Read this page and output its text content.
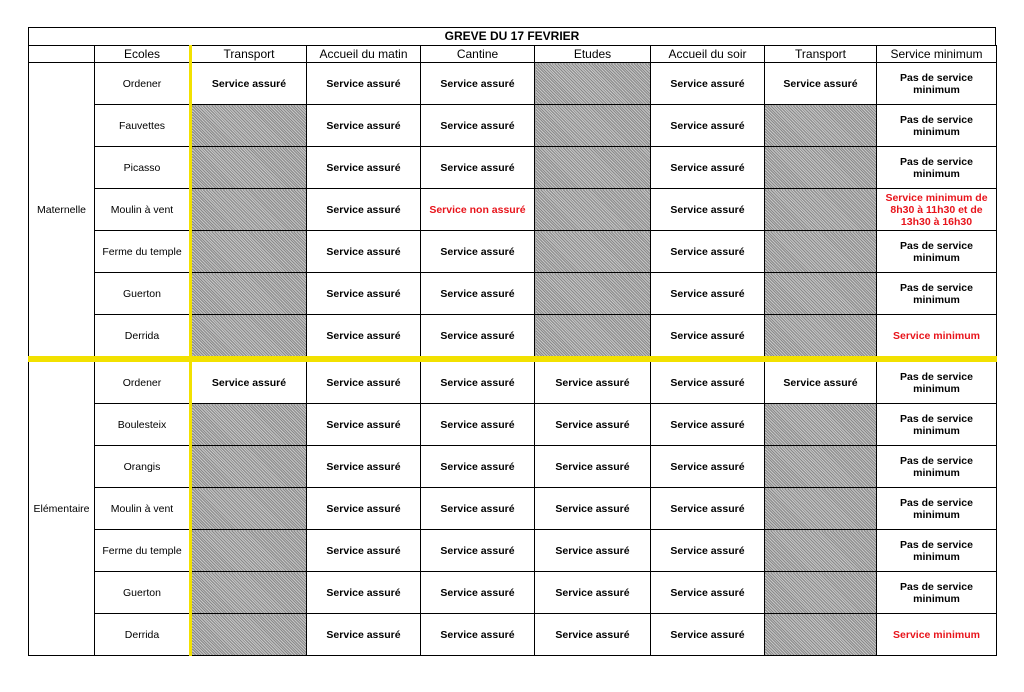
GREVE DU 17 FEVRIER
	Ecoles	Transport	Accueil du matin	Cantine	Etudes	Accueil du soir	Transport	Service minimum
Maternelle	Ordener	Service assuré	Service assuré	Service assuré		Service assuré	Service assuré	Pas de service minimum
	Fauvettes		Service assuré	Service assuré		Service assuré		Pas de service minimum
	Picasso		Service assuré	Service assuré		Service assuré		Pas de service minimum
	Moulin à vent		Service assuré	Service non assuré		Service assuré		Service minimum de 8h30 à 11h30 et de 13h30 à 16h30
	Ferme du temple		Service assuré	Service assuré		Service assuré		Pas de service minimum
	Guerton		Service assuré	Service assuré		Service assuré		Pas de service minimum
	Derrida		Service assuré	Service assuré		Service assuré		Service minimum

Elémentaire	Ordener	Service assuré	Service assuré	Service assuré	Service assuré	Service assuré	Service assuré	Pas de service minimum
	Boulesteix		Service assuré	Service assuré	Service assuré	Service assuré		Pas de service minimum
	Orangis		Service assuré	Service assuré	Service assuré	Service assuré		Pas de service minimum
	Moulin à vent		Service assuré	Service assuré	Service assuré	Service assuré		Pas de service minimum
	Ferme du temple		Service assuré	Service assuré	Service assuré	Service assuré		Pas de service minimum
	Guerton		Service assuré	Service assuré	Service assuré	Service assuré		Pas de service minimum
	Derrida		Service assuré	Service assuré	Service assuré	Service assuré		Service minimum
